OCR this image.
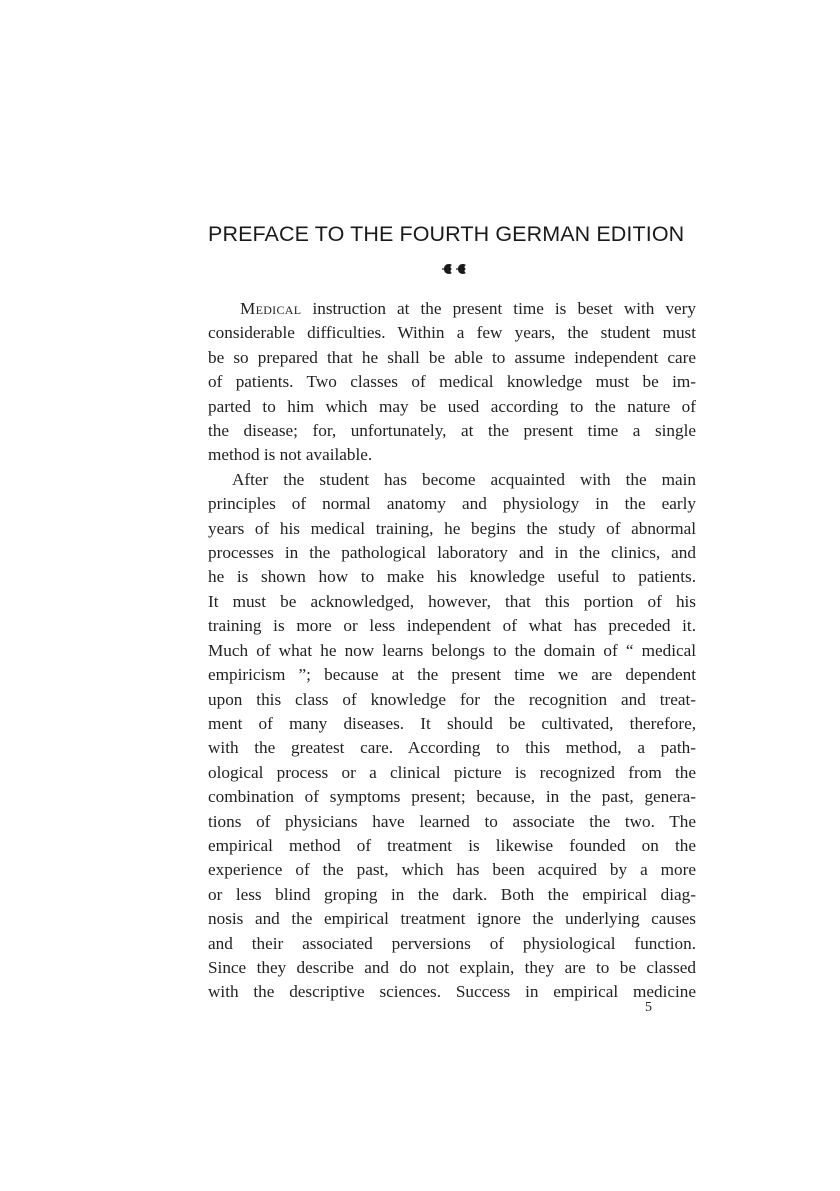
PREFACE TO THE FOURTH GERMAN EDITION
Medical instruction at the present time is beset with very
considerable difficulties. Within a few years, the student must
be so prepared that he shall be able to assume independent care
of patients. Two classes of medical knowledge must be im-
parted to him which may be used according to the nature of
the disease; for, unfortunately, at the present time a single
method is not available.
After the student has become acquainted with the main
principles of normal anatomy and physiology in the early
years of his medical training, he begins the study of abnormal
processes in the pathological laboratory and in the clinics, and
he is shown how to make his knowledge useful to patients.
It must be acknowledged, however, that this portion of his
training is more or less independent of what has preceded it.
Much of what he now learns belongs to the domain of “ medical
empiricism ”; because at the present time we are dependent
upon this class of knowledge for the recognition and treat-
ment of many diseases. It should be cultivated, therefore,
with the greatest care. According to this method, a path-
ological process or a clinical picture is recognized from the
combination of symptoms present; because, in the past, genera-
tions of physicians have learned to associate the two. The
empirical method of treatment is likewise founded on the
experience of the past, which has been acquired by a more
or less blind groping in the dark. Both the empirical diag-
nosis and the empirical treatment ignore the underlying causes
and their associated perversions of physiological function.
Since they describe and do not explain, they are to be classed
with the descriptive sciences. Success in empirical medicine
5
